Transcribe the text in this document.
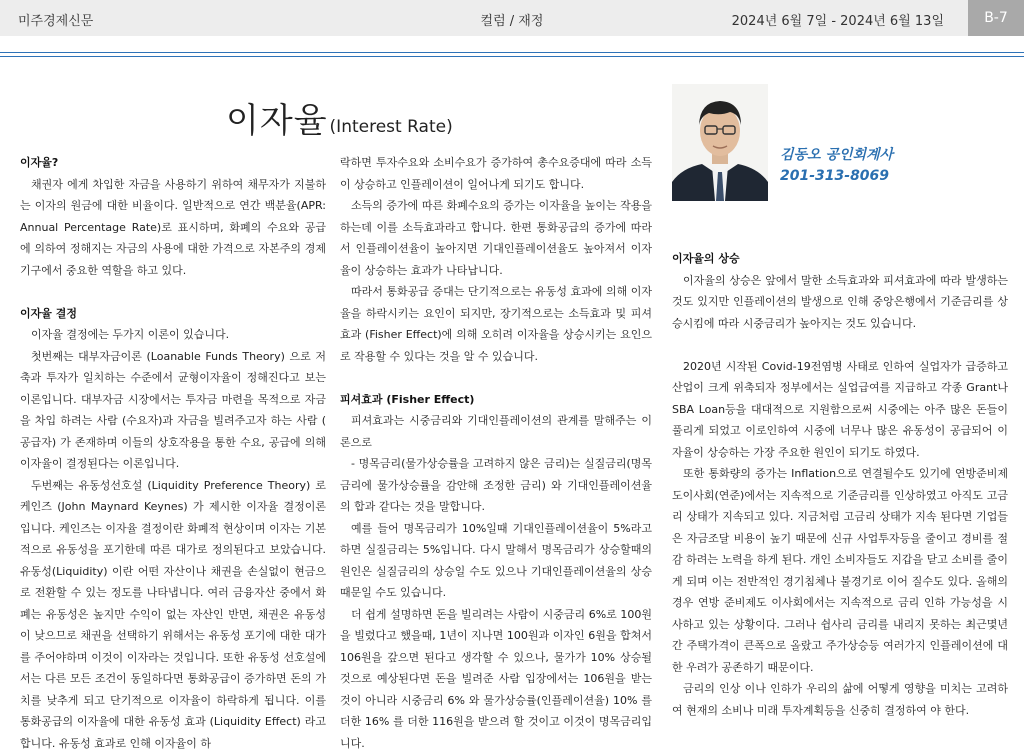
미주경제신문	컬럼 / 재정	2024년 6월 7일 - 2024년 6월 13일	B-7
이자율 (Interest Rate)
김동오 공인회계사
201-313-8069

이자율?

채권자 에게 차입한 자금을 사용하기 위하여 채무자가 지불하는 이자의 원금에 대한 비율이다. 일반적으로 연간 백분율(APR: Annual Percentage Rate)로 표시하며, 화폐의 수요와 공급 에 의하여 정해지는 자금의 사용에 대한 가격으로 자본주의 경제기구에서 중요한 역할을 하고 있다.

이자율 결정

이자율 결정에는 두가지 이론이 있습니다.

첫번째는 대부자금이론 (Loanable Funds Theory) 으로 저축과 투자가 일치하는 수준에서 균형이자율이 정해진다고 보는 이론입니다. 대부자금 시장에서는 투자금 마련을 목적으로 자금을 차입 하려는 사람 (수요자)과 자금을 빌려주고자 하는 사람 ( 공급자) 가 존재하며 이들의 상호작용을 통한 수요, 공급에 의해 이자율이 결정된다는 이론입니다.

두번째는 유동성선호설 (Liquidity Preference Theory) 로 케인즈 (John Maynard Keynes) 가 제시한 이자율 결정이론 입니다. 케인즈는 이자율 결정이란 화폐적 현상이며 이자는 기본적으로 유동성을 포기한데 따른 대가로 정의된다고 보았습니다. 유동성(Liquidity) 이란 어떤 자산이나 채권을 손실없이 현금으로 전환할 수 있는 정도를 나타냅니다. 여러 금융자산 중에서 화폐는 유동성은 높지만 수익이 없는 자산인 반면, 채권은 유동성이 낮으므로 채권을 선택하기 위해서는 유동성 포기에 대한 대가를 주어야하며 이것이 이자라는 것입니다. 또한 유동성 선호설에서는 다른 모든 조건이 동일하다면 통화공급이 증가하면 돈의 가치를 낮추게 되고 단기적으로 이자율이 하락하게 됩니다. 이를 통화공급의 이자율에 대한 유동성 효과 (Liquidity Effect) 라고 합니다. 유동성 효과로 인해 이자율이 하

락하면 투자수요와 소비수요가 증가하여 총수요증대에 따라 소득이 상승하고 인플레이션이 일어나게 되기도 합니다.

소득의 증가에 따른 화폐수요의 증가는 이자율을 높이는 작용을 하는데 이를 소득효과라고 합니다. 한편 통화공급의 증가에 따라서 인플레이션율이 높아지면 기대인플레이션율도 높아져서 이자율이 상승하는 효과가 나타납니다.

따라서 통화공급 증대는 단기적으로는 유동성 효과에 의해 이자율을 하락시키는 요인이 되지만, 장기적으로는 소득효과 및 피셔효과 (Fisher Effect)에 의해 오히려 이자율을 상승시키는 요인으로 작용할 수 있다는 것을 알 수 있습니다.

피셔효과 (Fisher Effect)

피셔효과는 시중금리와 기대인플레이션의 관계를 말해주는 이론으로

- 명목금리(물가상승률을 고려하지 않은 금리)는 실질금리(명목금리에 물가상승률을 감안해 조정한 금리) 와 기대인플레이션율의 합과 같다는 것을 말합니다.

예를 들어 명목금리가 10%일때 기대인플레이션율이 5%라고 하면 실질금리는 5%입니다. 다시 말해서 명목금리가 상승할때의 원인은 실질금리의 상승일 수도 있으나 기대인플레이션율의 상승 때문일 수도 있습니다.

더 쉽게 설명하면 돈을 빌리려는 사람이 시중금리 6%로 100원을 빌렸다고 했을때, 1년이 지나면 100원과 이자인 6원을 합쳐서 106원을 갚으면 된다고 생각할 수 있으나, 물가가 10% 상승될 것으로 예상된다면 돈을 빌려준 사람 입장에서는 106원을 받는 것이 아니라 시중금리 6% 와 물가상승률(인플레이션율) 10% 를 더한 16% 를 더한 116원을 받으려 할 것이고 이것이 명목금리입니다.

이자율의 상승

이자율의 상승은 앞에서 말한 소득효과와 피셔효과에 따라 발생하는 것도 있지만 인플레이션의 발생으로 인해 중앙은행에서 기준금리를 상승시킴에 따라 시중금리가 높아지는 것도 있습니다.

2020년 시작된 Covid-19전염병 사태로 인하여 실업자가 급증하고 산업이 크게 위축되자 정부에서는 실업급여를 지급하고 각종 Grant나 SBA Loan등을 대대적으로 지원함으로써 시중에는 아주 많은 돈들이 풀리게 되었고 이로인하여 시중에 너무나 많은 유동성이 공급되어 이자율이 상승하는 가장 주요한 원인이 되기도 하였다.

또한 통화량의 증가는 Inflation으로 연결될수도 있기에 연방준비제도이사회(연준)에서는 지속적으로 기준금리를 인상하였고 아직도 고금리 상태가 지속되고 있다. 지금처럼 고금리 상태가 지속 된다면 기업들은 자금조달 비용이 높기 때문에 신규 사업투자등을 줄이고 경비를 절감 하려는 노력을 하게 된다. 개인 소비자들도 지갑을 닫고 소비를 줄이게 되며 이는 전반적인 경기침체나 불경기로 이어 질수도 있다. 올해의 경우 연방 준비제도 이사회에서는 지속적으로 금리 인하 가능성을 시사하고 있는 상황이다. 그러나 쉽사리 금리를 내리지 못하는 최근몇년간 주택가격이 큰폭으로 올랐고 주가상승등 여러가지 인플레이션에 대한 우려가 공존하기 때문이다.

금리의 인상 이나 인하가 우리의 삶에 어떻게 영향을 미치는 고려하여 현재의 소비나 미래 투자계획등을 신중히 결정하여 야 한다.
